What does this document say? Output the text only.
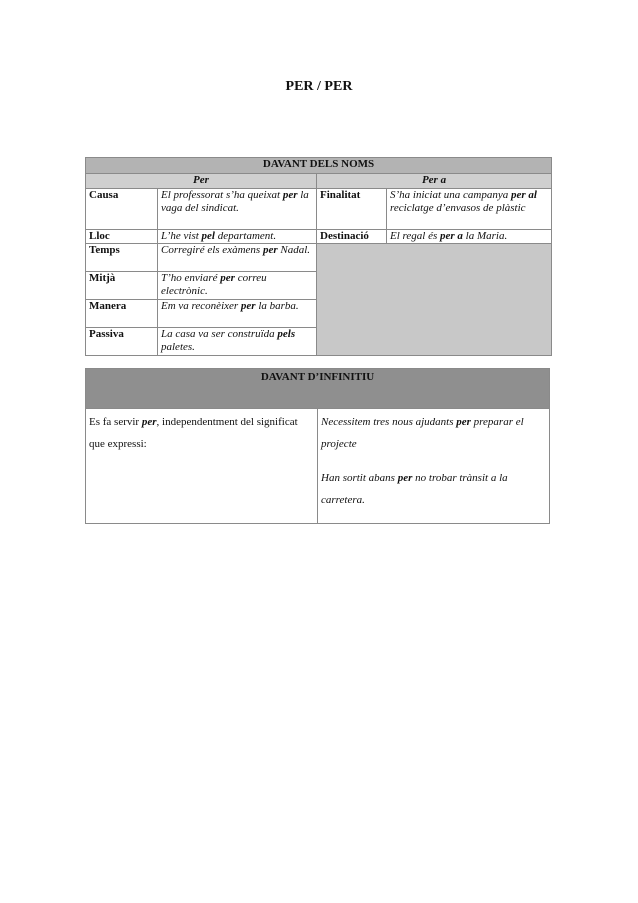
PER / PER
DAVANT DELS NOMS			
Per		Per a	
Causa	El professorat s’ha queixat per la vaga del sindicat.	Finalitat	S’ha iniciat una campanya per al reciclatge d’envasos de plàstic
Lloc	L’he vist pel departament.	Destinació	El regal és per a la Maria.
Temps	Corregiré els exàmens per Nadal.		
Mitjà	T’ho enviaré per correu electrònic.		
Manera	Em va reconèixer per la barba.		
Passiva	La casa va ser construïda pels paletes.		
DAVANT D’INFINITIU
Es fa servir per, independentment del significat que expressi:	

Necessitem tres nous ajudants per preparar el projecte

Han sortit abans per no trobar trànsit a la carretera.
